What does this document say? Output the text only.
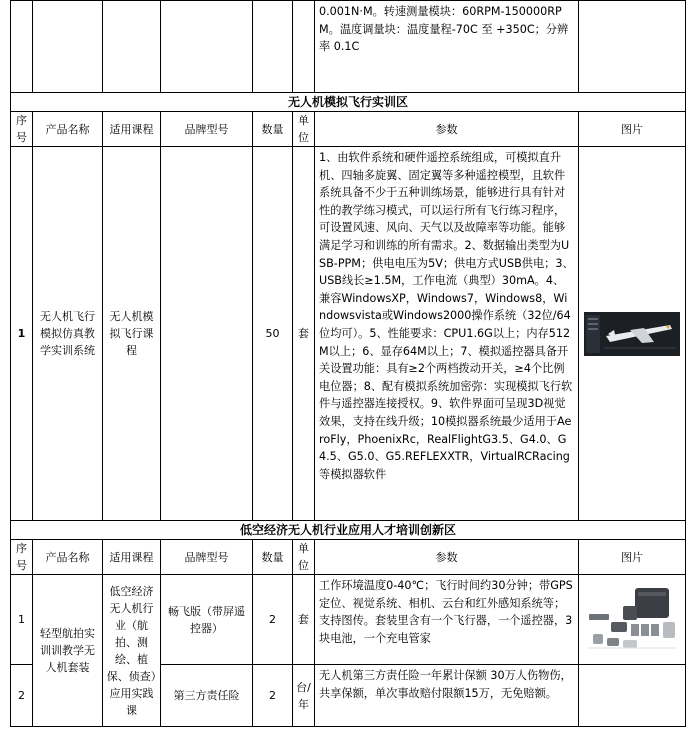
						0.001N·M。转速测量模块：60RPM-150000RPM。温度调量块：温度量程-70C 至 +350C；分辨率 0.1C	
无人机模拟飞行实训区							
序号	产品名称	适用课程	品牌型号	数量	单位	参数	图片
1	无人机飞行模拟仿真教学实训系统	无人机模拟飞行课程		50	套	1、由软件系统和硬件遥控系统组成，可模拟直升机、四轴多旋翼、固定翼等多种遥控模型，且软件系统具备不少于五种训练场景，能够进行具有针对性的教学练习模式，可以运行所有飞行练习程序，可设置风速、风向、天气以及故障率等功能。能够满足学习和训练的所有需求。2、数据输出类型为USB-PPM；供电电压为5V；供电方式USB供电；3、USB线长≥1.5M，工作电流（典型）30mA。4、兼容WindowsXP，Windows7，Windows8，Windowsvista或Windows2000操作系统（32位/64位均可）。5、性能要求：CPU1.6G以上；内存512M以上；6、显存64M以上；7、模拟遥控器具备开关设置功能：具有≥2个两档拨动开关，≥4个比例电位器；8、配有模拟系统加密弥：实现模拟飞行软件与遥控器连接授权。9、软件界面可呈现3D视觉效果，支持在线升级；10模拟器系统最少适用于AeroFly，PhoenixRc，RealFlightG3.5、G4.0、G4.5、G5.0、G5.REFLEXXTR，VirtualRCRacing等模拟器软件	

低空经济无人机行业应用人才培训创新区							
序号	产品名称	适用课程	品牌型号	数量	单位	参数	图片
1	轻型航拍实训训教学无人机套装	低空经济无人机行业（航拍、测绘、植保、侦查）应用实践课	畅飞版（带屏遥控器）	2	套	工作环境温度0-40℃；飞行时间约30分钟；带GPS定位、视觉系统、相机、云台和红外感知系统等；支持图传。套装里含有一个飞行器，一个遥控器，3块电池，一个充电管家	

2			第三方责任险	2	台/年	无人机第三方责任险一年累计保额 30万人伤物伤，共享保额，单次事故赔付限额15万，无免赔额。	
